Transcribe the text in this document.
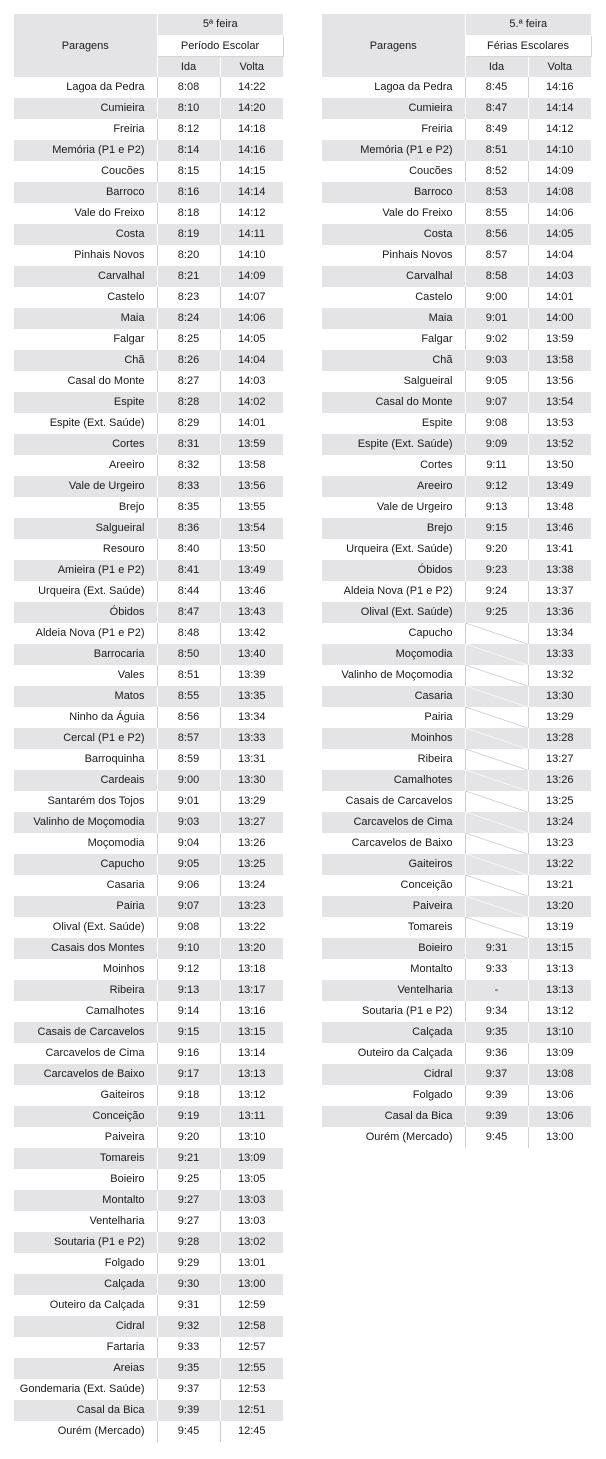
Paragens	5ª feira	
	Período Escolar	
	Ida	Volta
Lagoa da Pedra	8:08	14:22
Cumieira	8:10	14:20
Freiria	8:12	14:18
Memória (P1 e P2)	8:14	14:16
Coucões	8:15	14:15
Barroco	8:16	14:14
Vale do Freixo	8:18	14:12
Costa	8:19	14:11
Pinhais Novos	8:20	14:10
Carvalhal	8:21	14:09
Castelo	8:23	14:07
Maia	8:24	14:06
Falgar	8:25	14:05
Chã	8:26	14:04
Casal do Monte	8:27	14:03
Espite	8:28	14:02
Espite (Ext. Saúde)	8:29	14:01
Cortes	8:31	13:59
Areeiro	8:32	13:58
Vale de Urgeiro	8:33	13:56
Brejo	8:35	13:55
Salgueiral	8:36	13:54
Resouro	8:40	13:50
Amieira (P1 e P2)	8:41	13:49
Urqueira (Ext. Saúde)	8:44	13:46
Óbidos	8:47	13:43
Aldeia Nova (P1 e P2)	8:48	13:42
Barrocaria	8:50	13:40
Vales	8:51	13:39
Matos	8:55	13:35
Ninho da Águia	8:56	13:34
Cercal (P1 e P2)	8:57	13:33
Barroquinha	8:59	13:31
Cardeais	9:00	13:30
Santarém dos Tojos	9:01	13:29
Valinho de Moçomodia	9:03	13:27
Moçomodia	9:04	13:26
Capucho	9:05	13:25
Casaria	9:06	13:24
Pairia	9:07	13:23
Olival (Ext. Saúde)	9:08	13:22
Casais dos Montes	9:10	13:20
Moinhos	9:12	13:18
Ribeira	9:13	13:17
Camalhotes	9:14	13:16
Casais de Carcavelos	9:15	13:15
Carcavelos de Cima	9:16	13:14
Carcavelos de Baixo	9:17	13:13
Gaiteiros	9:18	13:12
Conceição	9:19	13:11
Paiveira	9:20	13:10
Tomareis	9:21	13:09
Boieiro	9:25	13:05
Montalto	9:27	13:03
Ventelharia	9:27	13:03
Soutaria (P1 e P2)	9:28	13:02
Folgado	9:29	13:01
Calçada	9:30	13:00
Outeiro da Calçada	9:31	12:59
Cidral	9:32	12:58
Fartaria	9:33	12:57
Areias	9:35	12:55
Gondemaria (Ext. Saúde)	9:37	12:53
Casal da Bica	9:39	12:51
Ourém (Mercado)	9:45	12:45
Paragens	5.ª feira	
	Férias Escolares	
	Ida	Volta
Lagoa da Pedra	8:45	14:16
Cumieira	8:47	14:14
Freiria	8:49	14:12
Memória (P1 e P2)	8:51	14:10
Coucões	8:52	14:09
Barroco	8:53	14:08
Vale do Freixo	8:55	14:06
Costa	8:56	14:05
Pinhais Novos	8:57	14:04
Carvalhal	8:58	14:03
Castelo	9:00	14:01
Maia	9:01	14:00
Falgar	9:02	13:59
Chã	9:03	13:58
Salgueiral	9:05	13:56
Casal do Monte	9:07	13:54
Espite	9:08	13:53
Espite (Ext. Saúde)	9:09	13:52
Cortes	9:11	13:50
Areeiro	9:12	13:49
Vale de Urgeiro	9:13	13:48
Brejo	9:15	13:46
Urqueira (Ext. Saúde)	9:20	13:41
Óbidos	9:23	13:38
Aldeia Nova (P1 e P2)	9:24	13:37
Olival (Ext. Saúde)	9:25	13:36
Capucho		13:34
Moçomodia		13:33
Valinho de Moçomodia		13:32
Casaria		13:30
Pairia		13:29
Moinhos		13:28
Ribeira		13:27
Camalhotes		13:26
Casais de Carcavelos		13:25
Carcavelos de Cima		13:24
Carcavelos de Baixo		13:23
Gaiteiros		13:22
Conceição		13:21
Paiveira		13:20
Tomareis		13:19
Boieiro	9:31	13:15
Montalto	9:33	13:13
Ventelharia	-	13:13
Soutaria (P1 e P2)	9:34	13:12
Calçada	9:35	13:10
Outeiro da Calçada	9:36	13:09
Cidral	9:37	13:08
Folgado	9:39	13:06
Casal da Bica	9:39	13:06
Ourém (Mercado)	9:45	13:00
